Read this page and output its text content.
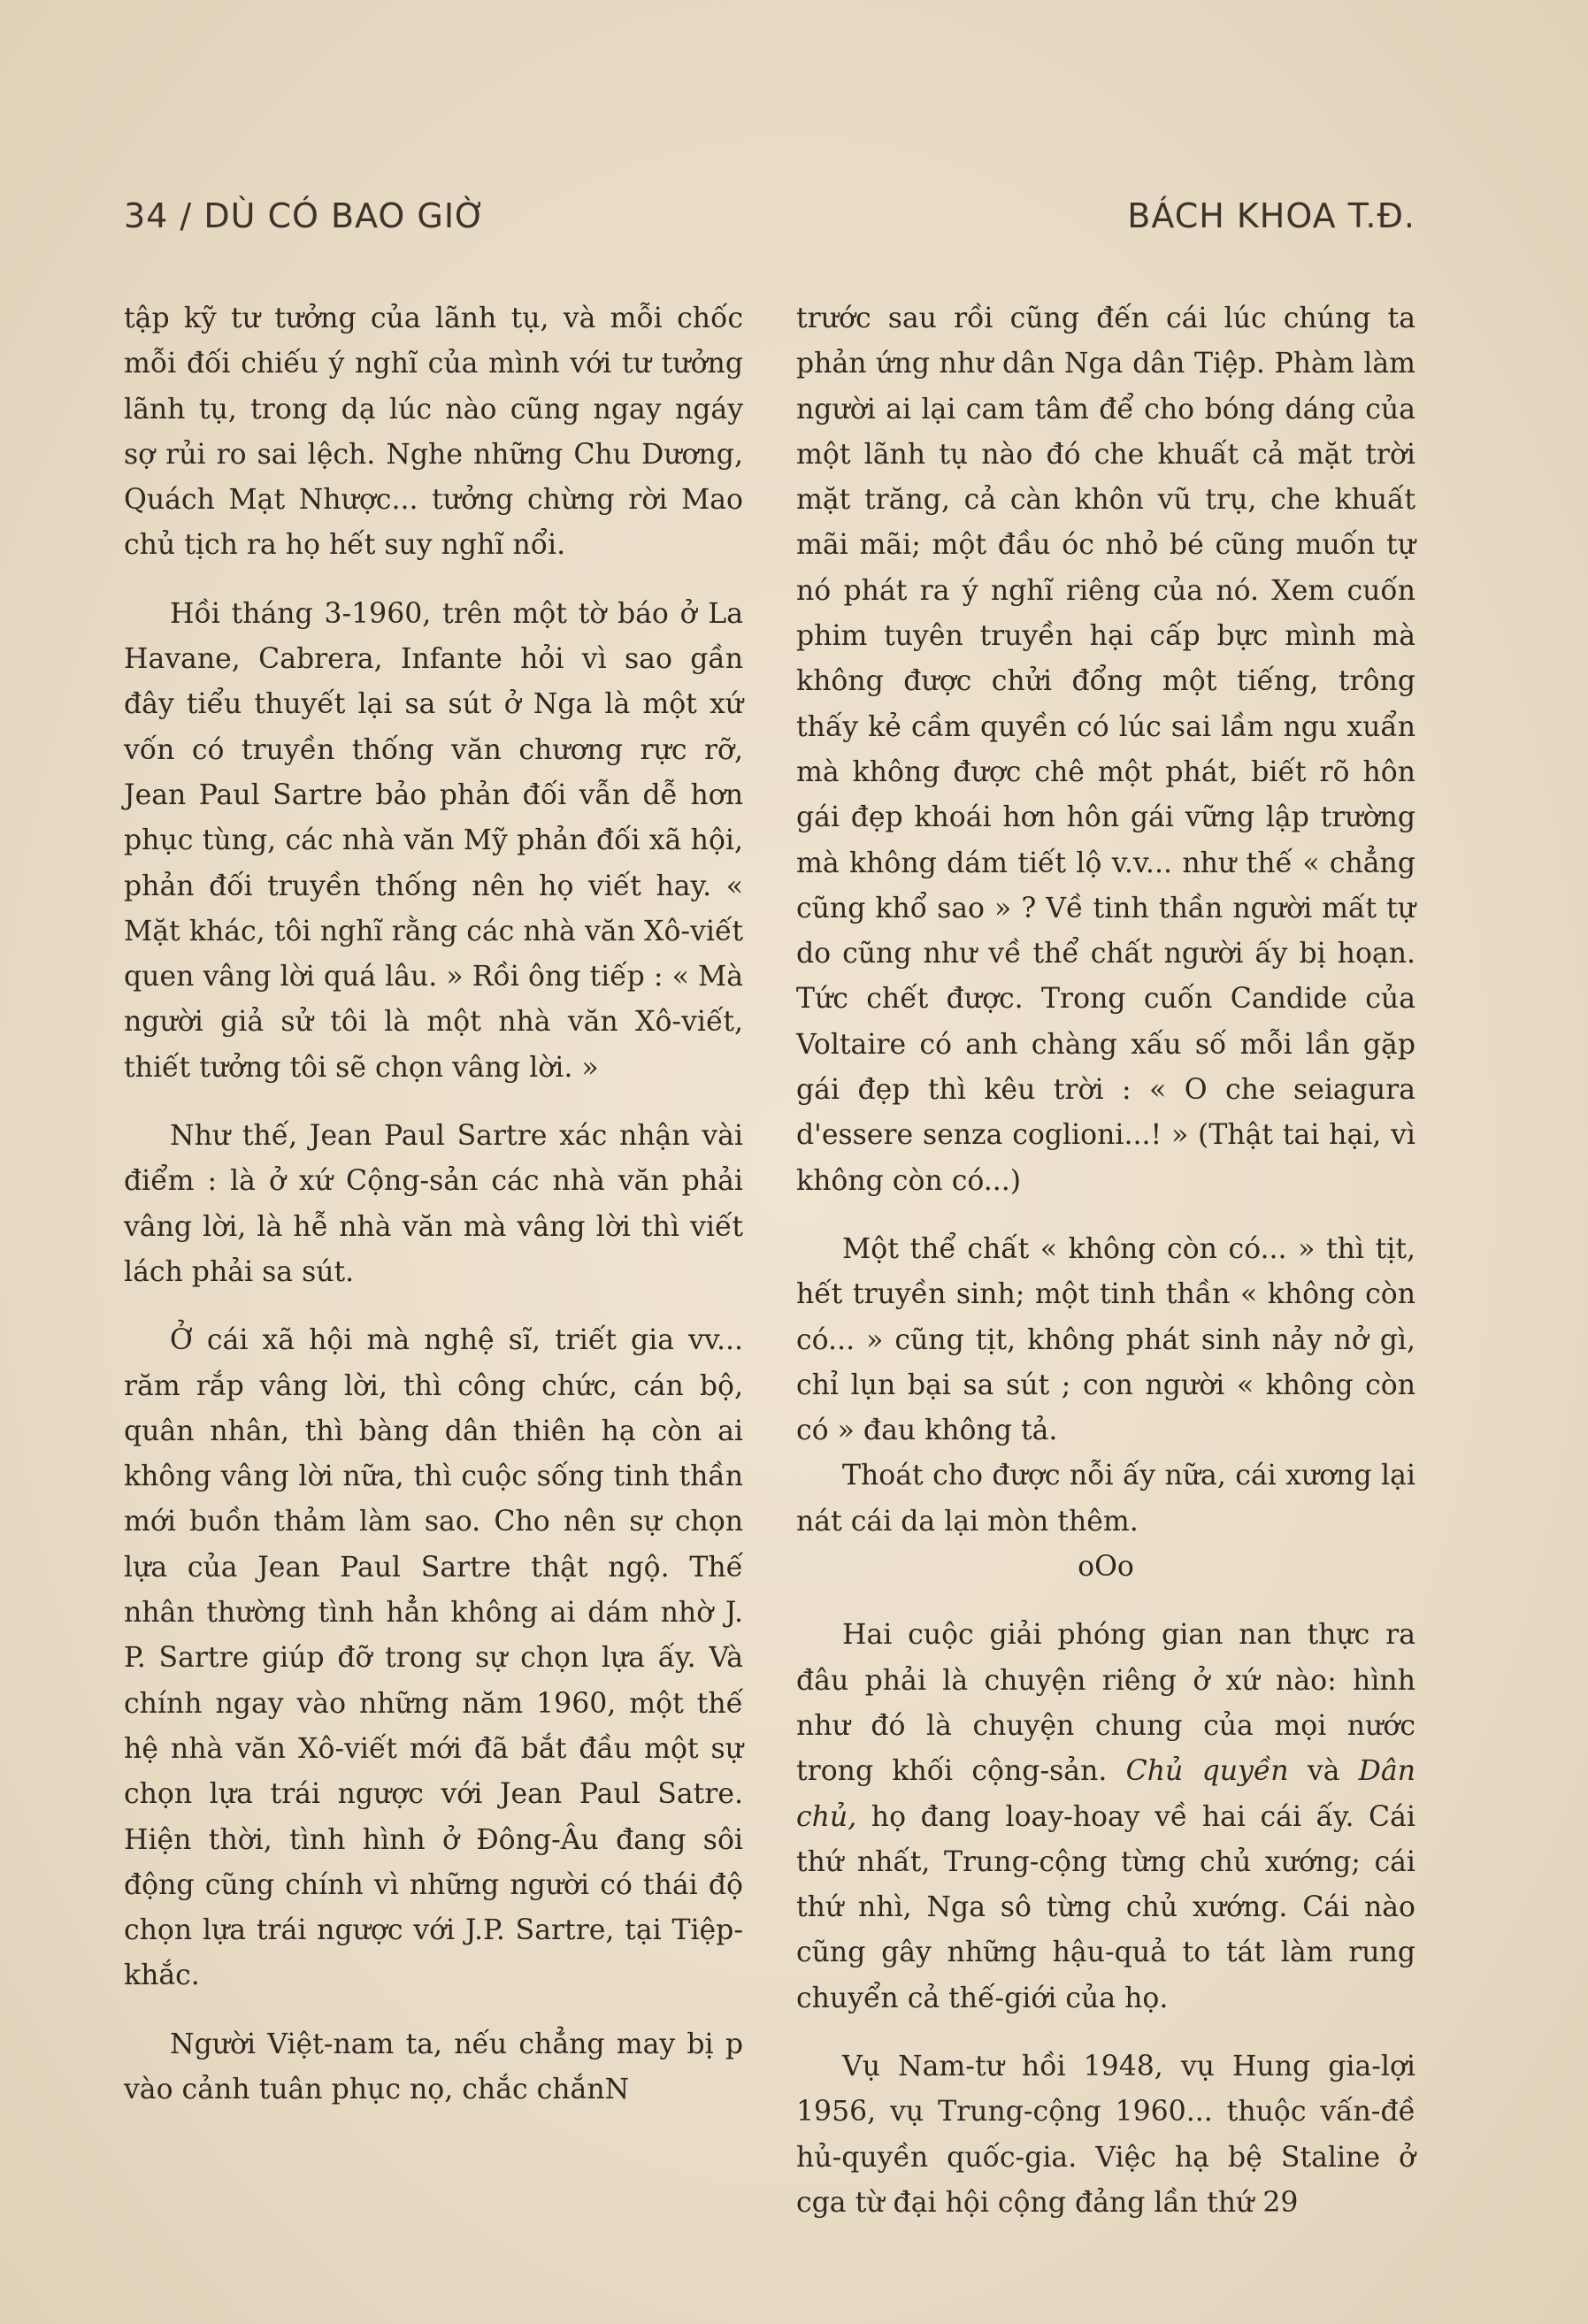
34 / DÙ CÓ BAO GIỜ	BÁCH KHOA T.Đ.

tập kỹ tư tưởng của lãnh tụ, và mỗi chốc mỗi đối chiếu ý nghĩ của mình với tư tưởng lãnh tụ, trong dạ lúc nào cũng ngay ngáy sợ rủi ro sai lệch. Nghe những Chu Dương, Quách Mạt Nhược... tưởng chừng rời Mao chủ tịch ra họ hết suy nghĩ nổi.

Hồi tháng 3-1960, trên một tờ báo ở La Havane, Cabrera, Infante hỏi vì sao gần đây tiểu thuyết lại sa sút ở Nga là một xứ vốn có truyền thống văn chương rực rỡ, Jean Paul Sartre bảo phản đối vẫn dễ hơn phục tùng, các nhà văn Mỹ phản đối xã hội, phản đối truyền thống nên họ viết hay. « Mặt khác, tôi nghĩ rằng các nhà văn Xô-viết quen vâng lời quá lâu. » Rồi ông tiếp : « Mà người giả sử tôi là một nhà văn Xô-viết, thiết tưởng tôi sẽ chọn vâng lời. »

Như thế, Jean Paul Sartre xác nhận vài điểm : là ở xứ Cộng-sản các nhà văn phải vâng lời, là hễ nhà văn mà vâng lời thì viết lách phải sa sút.

Ở cái xã hội mà nghệ sĩ, triết gia vv... răm rắp vâng lời, thì công chức, cán bộ, quân nhân, thì bàng dân thiên hạ còn ai không vâng lời nữa, thì cuộc sống tinh thần mới buồn thảm làm sao. Cho nên sự chọn lựa của Jean Paul Sartre thật ngộ. Thế nhân thường tình hẳn không ai dám nhờ J. P. Sartre giúp đỡ trong sự chọn lựa ấy. Và chính ngay vào những năm 1960, một thế hệ nhà văn Xô-viết mới đã bắt đầu một sự chọn lựa trái ngược với Jean Paul Satre. Hiện thời, tình hình ở Đông-Âu đang sôi động cũng chính vì những người có thái độ chọn lựa trái ngược với J.P. Sartre, tại Tiệp-khắc.

Người Việt-nam ta, nếu chẳng may bị p vào cảnh tuân phục nọ, chắc chắnN

trước sau rồi cũng đến cái lúc chúng ta phản ứng như dân Nga dân Tiệp. Phàm làm người ai lại cam tâm để cho bóng dáng của một lãnh tụ nào đó che khuất cả mặt trời mặt trăng, cả càn khôn vũ trụ, che khuất mãi mãi; một đầu óc nhỏ bé cũng muốn tự nó phát ra ý nghĩ riêng của nó. Xem cuốn phim tuyên truyền hại cấp bực mình mà không được chửi đổng một tiếng, trông thấy kẻ cầm quyền có lúc sai lầm ngu xuẩn mà không được chê một phát, biết rõ hôn gái đẹp khoái hơn hôn gái vững lập trường mà không dám tiết lộ v.v... như thế « chẳng cũng khổ sao » ? Về tinh thần người mất tự do cũng như về thể chất người ấy bị hoạn. Tức chết được. Trong cuốn Candide của Voltaire có anh chàng xấu số mỗi lần gặp gái đẹp thì kêu trời : « O che seiagura d'essere senza coglioni...! » (Thật tai hại, vì không còn có...)

Một thể chất « không còn có... » thì tịt, hết truyền sinh; một tinh thần « không còn có... » cũng tịt, không phát sinh nảy nở gì, chỉ lụn bại sa sút ; con người « không còn có » đau không tả.

Thoát cho được nỗi ấy nữa, cái xương lại nát cái da lại mòn thêm.

oOo

Hai cuộc giải phóng gian nan thực ra đâu phải là chuyện riêng ở xứ nào: hình như đó là chuyện chung của mọi nước trong khối cộng-sản. Chủ quyền và Dân chủ, họ đang loay-hoay về hai cái ấy. Cái thứ nhất, Trung-cộng từng chủ xướng; cái thứ nhì, Nga sô từng chủ xướng. Cái nào cũng gây những hậu-quả to tát làm rung chuyển cả thế-giới của họ.

Vụ Nam-tư hồi 1948, vụ Hung gia-lợi 1956, vụ Trung-cộng 1960... thuộc vấn-đề hủ-quyền quốc-gia. Việc hạ bệ Staline ở cga từ đại hội cộng đảng lần thứ 29
